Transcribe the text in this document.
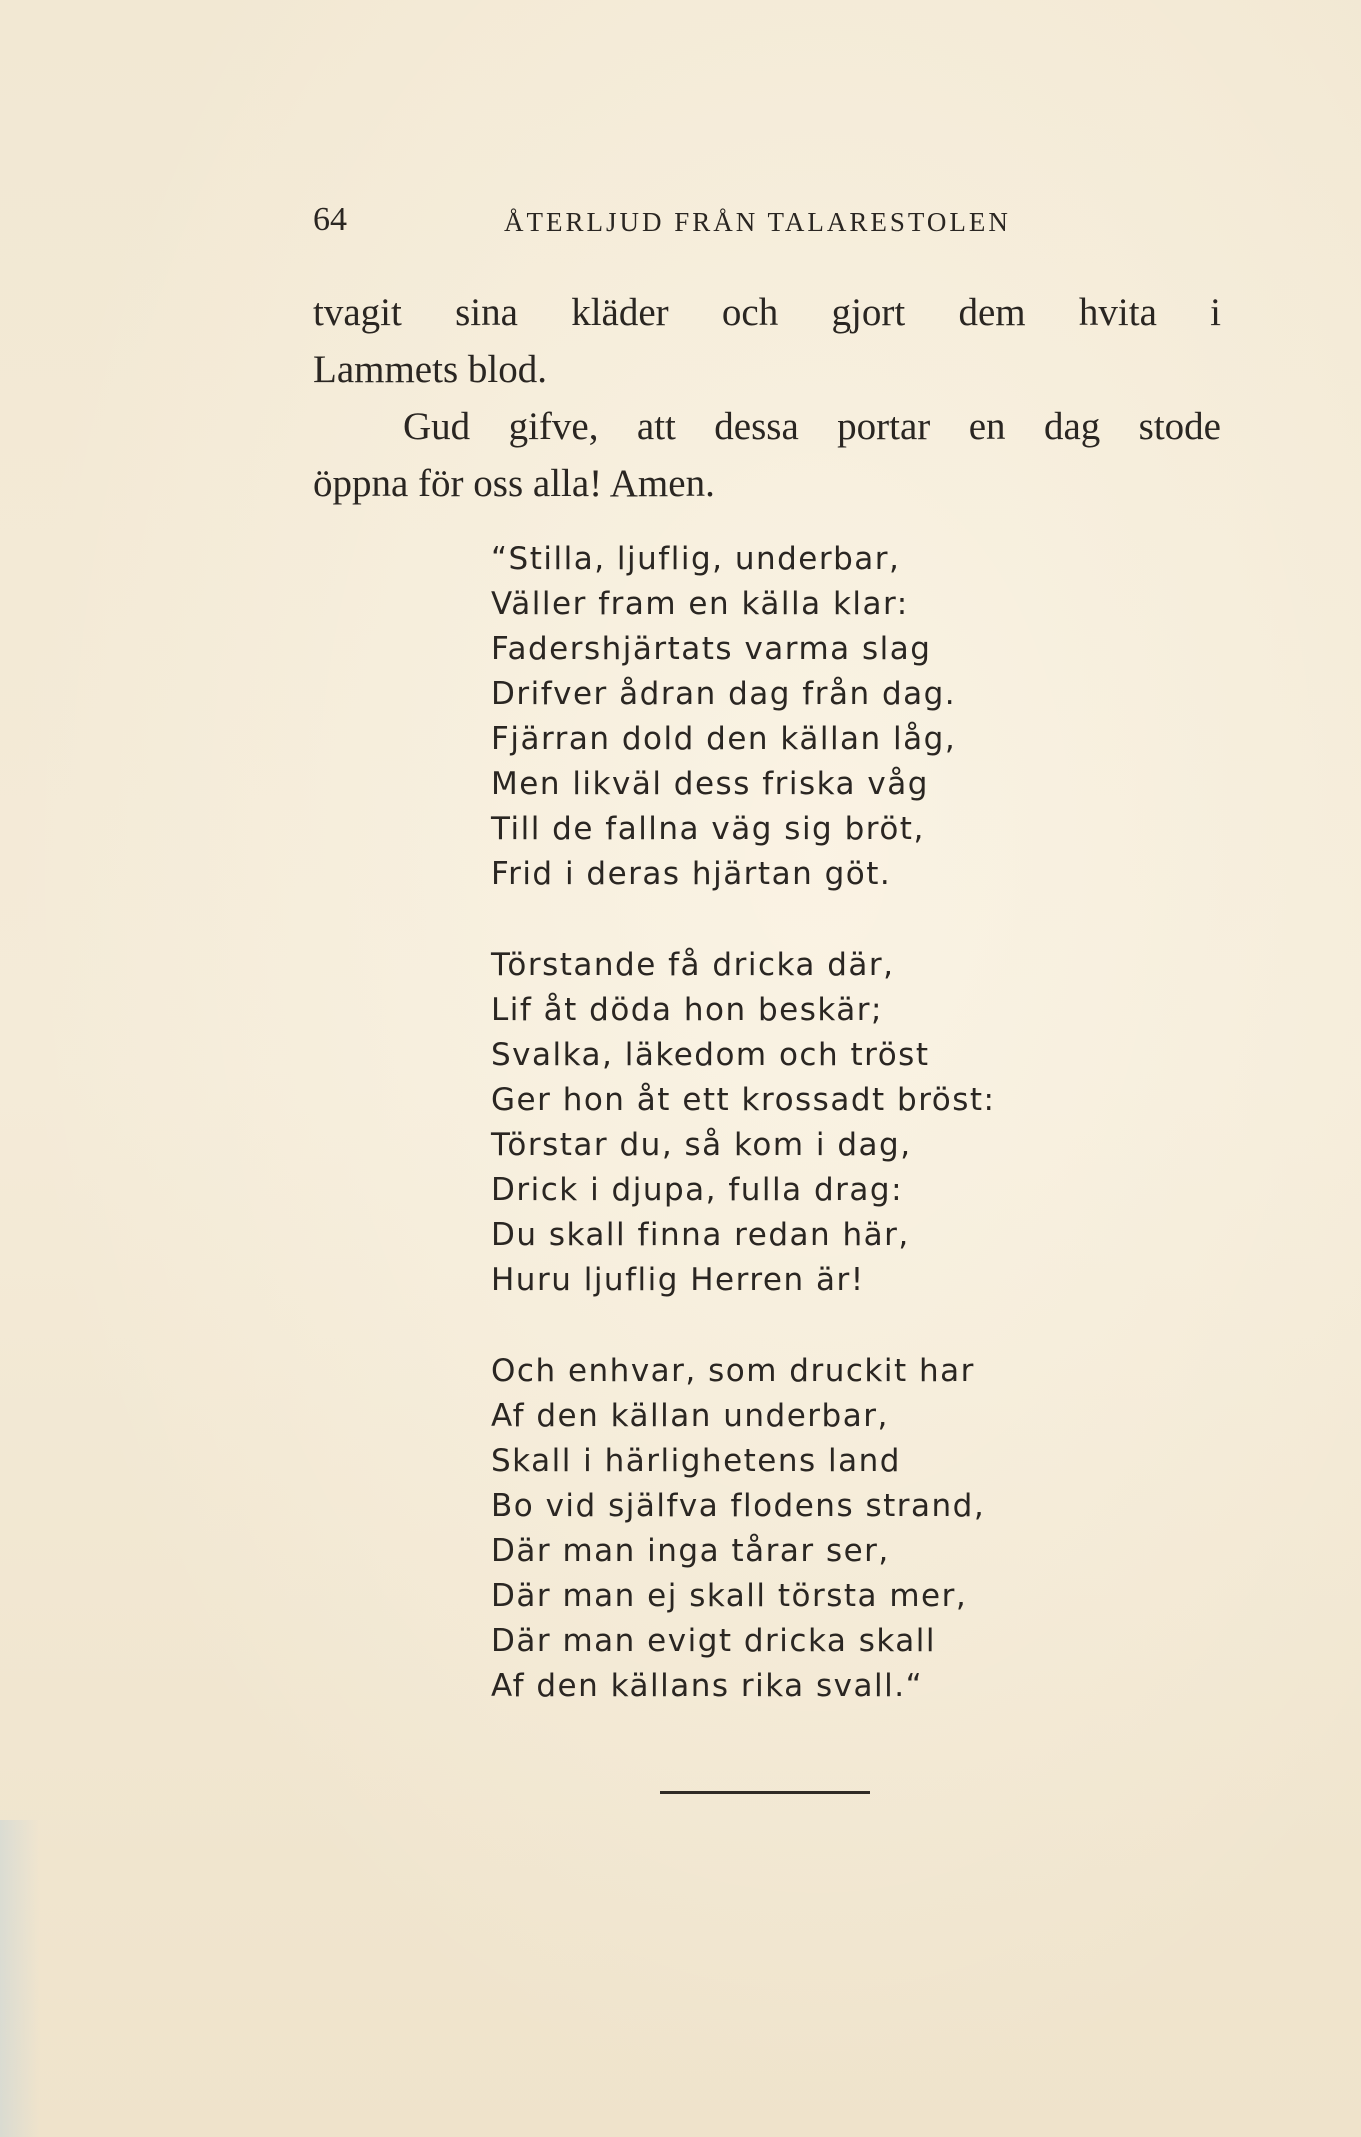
64	ÅTERLJUD FRÅN TALARESTOLEN

tvagit sina kläder och gjort dem hvita i

Lammets blod.

Gud gifve, att dessa portar en dag stode

öppna för oss alla! Amen.

“Stilla, ljuflig, underbar,
Väller fram en källa klar:
Fadershjärtats varma slag
Drifver ådran dag från dag.
Fjärran dold den källan låg,
Men likväl dess friska våg
Till de fallna väg sig bröt,
Frid i deras hjärtan göt.
Törstande få dricka där,
Lif åt döda hon beskär;
Svalka, läkedom och tröst
Ger hon åt ett krossadt bröst:
Törstar du, så kom i dag,
Drick i djupa, fulla drag:
Du skall finna redan här,
Huru ljuflig Herren är!
Och enhvar, som druckit har
Af den källan underbar,
Skall i härlighetens land
Bo vid själfva flodens strand,
Där man inga tårar ser,
Där man ej skall törsta mer,
Där man evigt dricka skall
Af den källans rika svall.“
